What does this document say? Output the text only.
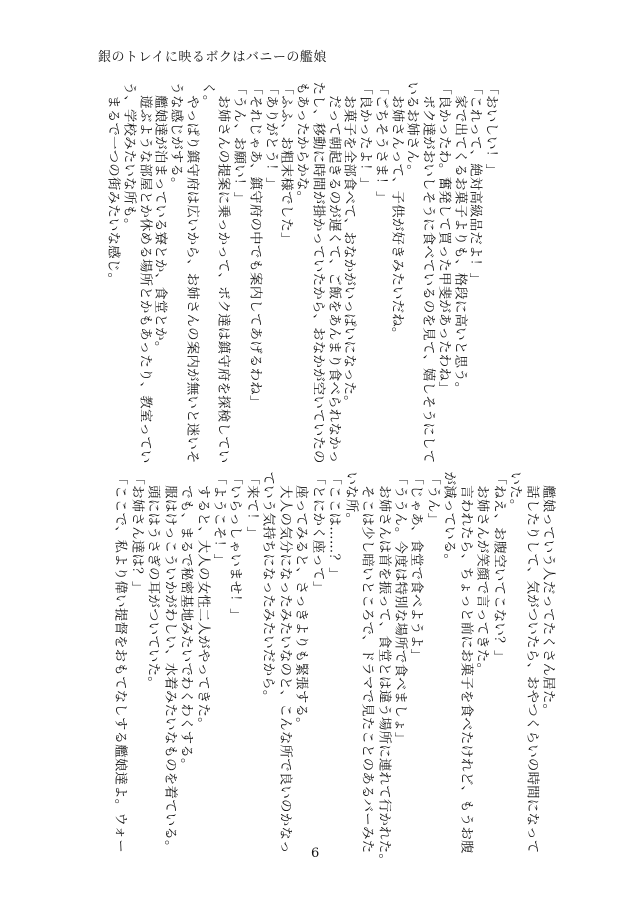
銀のトレイに映るボクはバニーの艦娘
「おいしい！」
「これって、絶対高級品だよ！」
　家で出てくるお菓子よりも、格段に高いと思う。
「良かったわ。奮発して買った甲斐があったわね」
　ボク達がおいしそうに食べているのを見て、嬉しそうにして
いるお姉さん。
　お姉さんって、子供が好きみたいだね。
「ごちそうさま！」
「良かったよ！」
　お菓子を全部食べて、おなかがいっぱいになった。
　だって朝起きるのが遅くて、ご飯をあんまり食べられなかっ
たし、移動に時間が掛かっていたから、おなかが空いていたの
もあったからかな。
「ふふ、お粗末様でした」
「ありがとう！」
「それじゃあ、鎮守府の中でも案内してあげるわね」
「うん、お願い！」
　お姉さんの提案に乗っかって、ボク達は鎮守府を探検してい
く。
　やっぱり鎮守府は広いから、お姉さんの案内が無いと迷いそ
うな感じがする。
　艦娘達が泊まっている寮とか、食堂とか。
　遊ぶような部屋とか休める場所とかもあったり、教室ってい
う、学校みたいな所も。
　まるで一つの街みたいな感じ。
　艦娘っていう人だってたくさん居た。
　話したりして、気がついたら、おやつくらいの時間になって
いた。
「ねえ、お腹空いてこない？」
　お姉さんが笑顔で言ってきた。
　言われたら、ちょっと前にお菓子を食べたけれど、もうお腹
が減っている。
「うん」
「じゃあ、食堂で食べようよ」
「ううん。今度は特別な場所で食べましょ」
　お姉さんは首を振って、食堂とは違う場所に連れて行かれた。
　そこは少し暗いところで、ドラマで見たことのあるバーみた
いな所。
「ここは……？」
「とにかく座って」
　座ってみると、さっきよりも緊張する。
　大人の気分になったみたいなのと、こんな所で良いのかなっ
ていう気持ちになったみたいだから。
「来て！」
「いらっしゃいませ！」
「ようこそ！」
　すると、大人の女性二人がやってきた。
　でも、まるで秘密基地みたいでわくわくする。
　服はけっこういかがわしい、水着みたいなものを着ている。
　頭にはうさぎの耳がついていた。
「お姉さん達は？」
「ここで、私より偉い提督をおもてなしする艦娘達よ。ウォー
6
